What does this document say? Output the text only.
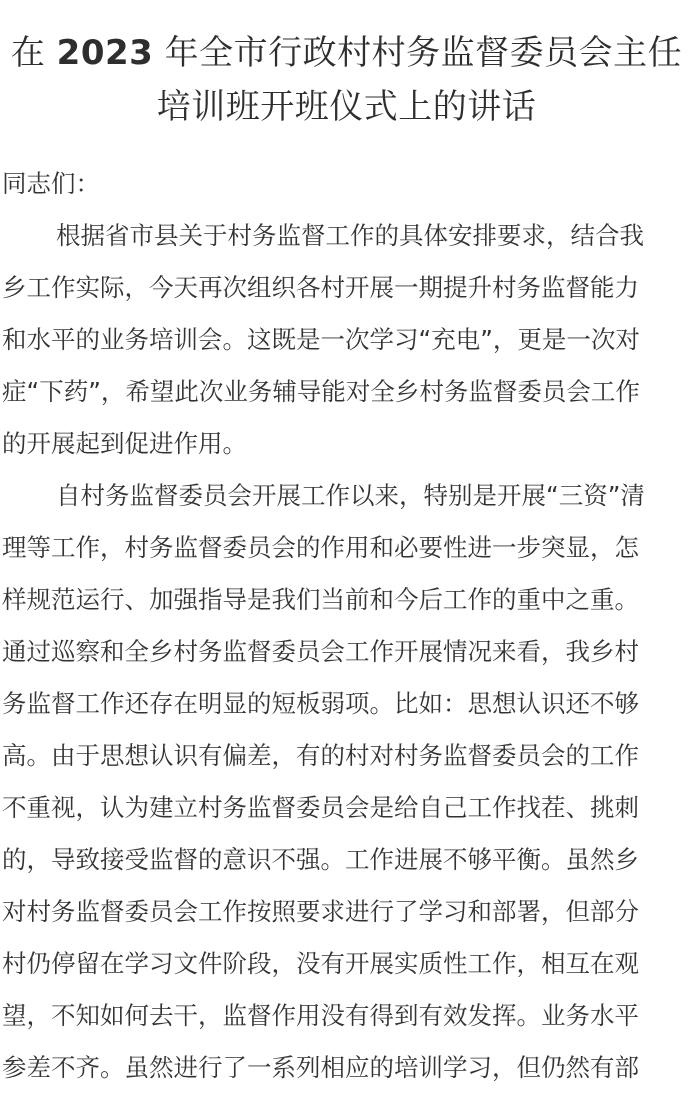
在 2023 年全市行政村村务监督委员会主任
培训班开班仪式上的讲话
同志们：
根据省市县关于村务监督工作的具体安排要求，结合我
乡工作实际，今天再次组织各村开展一期提升村务监督能力
和水平的业务培训会。这既是一次学习“充电”，更是一次对
症“下药”，希望此次业务辅导能对全乡村务监督委员会工作
的开展起到促进作用。
自村务监督委员会开展工作以来，特别是开展“三资”清
理等工作，村务监督委员会的作用和必要性进一步突显，怎
样规范运行、加强指导是我们当前和今后工作的重中之重。
通过巡察和全乡村务监督委员会工作开展情况来看，我乡村
务监督工作还存在明显的短板弱项。比如：思想认识还不够
高。由于思想认识有偏差，有的村对村务监督委员会的工作
不重视，认为建立村务监督委员会是给自己工作找茬、挑刺
的，导致接受监督的意识不强。工作进展不够平衡。虽然乡
对村务监督委员会工作按照要求进行了学习和部署，但部分
村仍停留在学习文件阶段，没有开展实质性工作，相互在观
望，不知如何去干，监督作用没有得到有效发挥。业务水平
参差不齐。虽然进行了一系列相应的培训学习，但仍然有部
